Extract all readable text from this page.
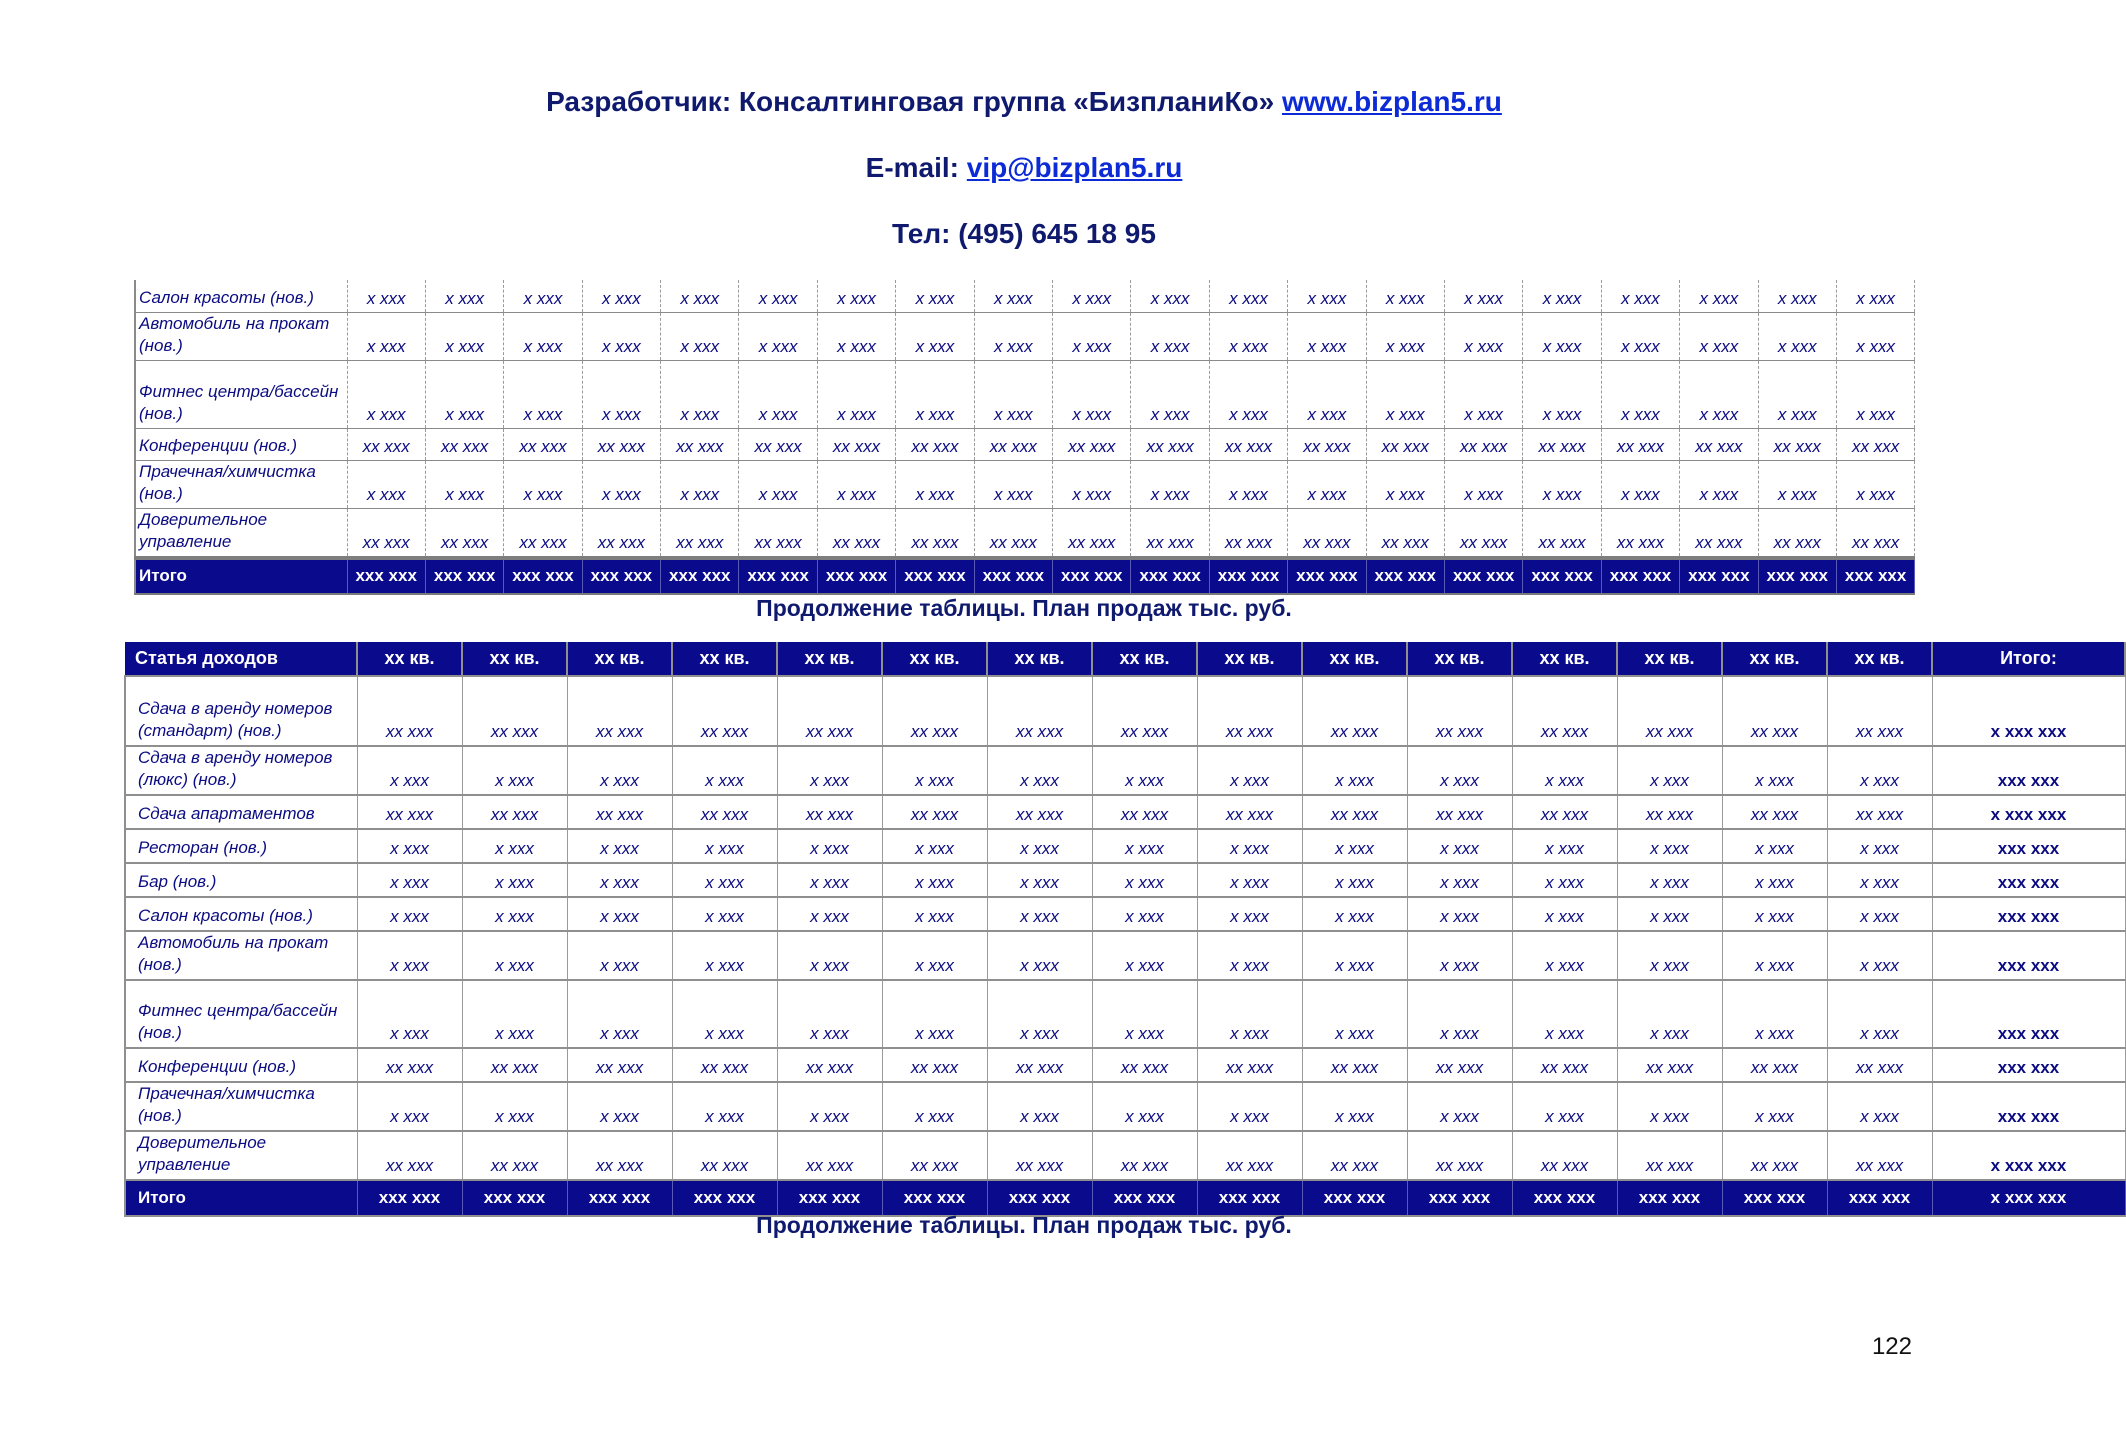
Разработчик: Консалтинговая группа «БизпланиКо» www.bizplan5.ru
E-mail: vip@bizplan5.ru
Тел: (495) 645 18 95
Салон красоты (нов.)	x xxx	x xxx	x xxx	x xxx	x xxx	x xxx	x xxx	x xxx	x xxx	x xxx	x xxx	x xxx	x xxx	x xxx	x xxx	x xxx	x xxx	x xxx	x xxx	x xxx
Автомобиль на прокат (нов.)	x xxx	x xxx	x xxx	x xxx	x xxx	x xxx	x xxx	x xxx	x xxx	x xxx	x xxx	x xxx	x xxx	x xxx	x xxx	x xxx	x xxx	x xxx	x xxx	x xxx
Фитнес центра/бассейн (нов.)	x xxx	x xxx	x xxx	x xxx	x xxx	x xxx	x xxx	x xxx	x xxx	x xxx	x xxx	x xxx	x xxx	x xxx	x xxx	x xxx	x xxx	x xxx	x xxx	x xxx
Конференции (нов.)	xx xxx	xx xxx	xx xxx	xx xxx	xx xxx	xx xxx	xx xxx	xx xxx	xx xxx	xx xxx	xx xxx	xx xxx	xx xxx	xx xxx	xx xxx	xx xxx	xx xxx	xx xxx	xx xxx	xx xxx
Прачечная/химчистка (нов.)	x xxx	x xxx	x xxx	x xxx	x xxx	x xxx	x xxx	x xxx	x xxx	x xxx	x xxx	x xxx	x xxx	x xxx	x xxx	x xxx	x xxx	x xxx	x xxx	x xxx
Доверительное управление	xx xxx	xx xxx	xx xxx	xx xxx	xx xxx	xx xxx	xx xxx	xx xxx	xx xxx	xx xxx	xx xxx	xx xxx	xx xxx	xx xxx	xx xxx	xx xxx	xx xxx	xx xxx	xx xxx	xx xxx
Итого	xxx xxx	xxx xxx	xxx xxx	xxx xxx	xxx xxx	xxx xxx	xxx xxx	xxx xxx	xxx xxx	xxx xxx	xxx xxx	xxx xxx	xxx xxx	xxx xxx	xxx xxx	xxx xxx	xxx xxx	xxx xxx	xxx xxx	xxx xxx
Продолжение таблицы. План продаж тыс. руб.
Статья доходов	xx кв.	xx кв.	xx кв.	xx кв.	xx кв.	xx кв.	xx кв.	xx кв.	xx кв.	xx кв.	xx кв.	xx кв.	xx кв.	xx кв.	xx кв.	Итого:
Сдача в аренду номеров (стандарт) (нов.)	xx xxx	xx xxx	xx xxx	xx xxx	xx xxx	xx xxx	xx xxx	xx xxx	xx xxx	xx xxx	xx xxx	xx xxx	xx xxx	xx xxx	xx xxx	x xxx xxx
Сдача в аренду номеров (люкс) (нов.)	x xxx	x xxx	x xxx	x xxx	x xxx	x xxx	x xxx	x xxx	x xxx	x xxx	x xxx	x xxx	x xxx	x xxx	x xxx	xxx xxx
Сдача апартаментов	xx xxx	xx xxx	xx xxx	xx xxx	xx xxx	xx xxx	xx xxx	xx xxx	xx xxx	xx xxx	xx xxx	xx xxx	xx xxx	xx xxx	xx xxx	x xxx xxx
Ресторан (нов.)	x xxx	x xxx	x xxx	x xxx	x xxx	x xxx	x xxx	x xxx	x xxx	x xxx	x xxx	x xxx	x xxx	x xxx	x xxx	xxx xxx
Бар (нов.)	x xxx	x xxx	x xxx	x xxx	x xxx	x xxx	x xxx	x xxx	x xxx	x xxx	x xxx	x xxx	x xxx	x xxx	x xxx	xxx xxx
Салон красоты (нов.)	x xxx	x xxx	x xxx	x xxx	x xxx	x xxx	x xxx	x xxx	x xxx	x xxx	x xxx	x xxx	x xxx	x xxx	x xxx	xxx xxx
Автомобиль на прокат (нов.)	x xxx	x xxx	x xxx	x xxx	x xxx	x xxx	x xxx	x xxx	x xxx	x xxx	x xxx	x xxx	x xxx	x xxx	x xxx	xxx xxx
Фитнес центра/бассейн (нов.)	x xxx	x xxx	x xxx	x xxx	x xxx	x xxx	x xxx	x xxx	x xxx	x xxx	x xxx	x xxx	x xxx	x xxx	x xxx	xxx xxx
Конференции (нов.)	xx xxx	xx xxx	xx xxx	xx xxx	xx xxx	xx xxx	xx xxx	xx xxx	xx xxx	xx xxx	xx xxx	xx xxx	xx xxx	xx xxx	xx xxx	xxx xxx
Прачечная/химчистка (нов.)	x xxx	x xxx	x xxx	x xxx	x xxx	x xxx	x xxx	x xxx	x xxx	x xxx	x xxx	x xxx	x xxx	x xxx	x xxx	xxx xxx
Доверительное управление	xx xxx	xx xxx	xx xxx	xx xxx	xx xxx	xx xxx	xx xxx	xx xxx	xx xxx	xx xxx	xx xxx	xx xxx	xx xxx	xx xxx	xx xxx	x xxx xxx
Итого	xxx xxx	xxx xxx	xxx xxx	xxx xxx	xxx xxx	xxx xxx	xxx xxx	xxx xxx	xxx xxx	xxx xxx	xxx xxx	xxx xxx	xxx xxx	xxx xxx	xxx xxx	x xxx xxx
Продолжение таблицы. План продаж тыс. руб.
122
